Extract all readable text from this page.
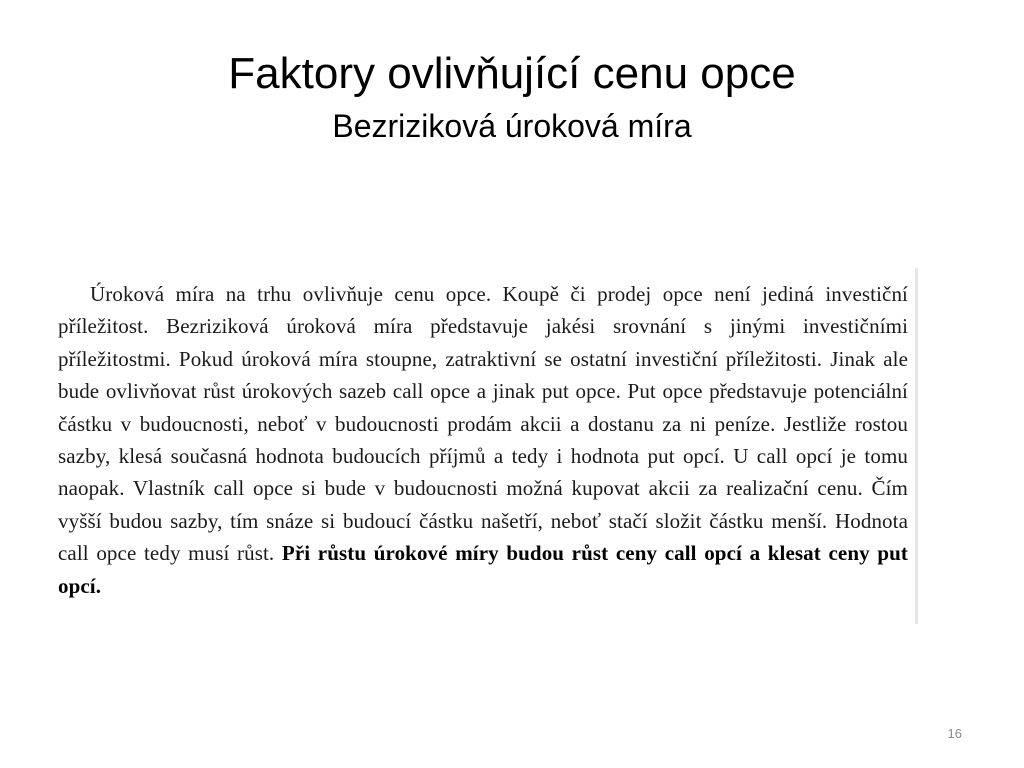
Faktory ovlivňující cenu opce
Bezriziková úroková míra

Úroková míra na trhu ovlivňuje cenu opce. Koupě či prodej opce není jediná investiční příležitost. Bezriziková úroková míra představuje jakési srovnání s jinými investičními příležitostmi. Pokud úroková míra stoupne, zatraktivní se ostatní investiční příležitosti. Jinak ale bude ovlivňovat růst úrokových sazeb call opce a jinak put opce. Put opce představuje potenciální částku v budoucnosti, neboť v budoucnosti prodám akcii a dostanu za ni peníze. Jestliže rostou sazby, klesá současná hodnota budoucích příjmů a tedy i hodnota put opcí. U call opcí je tomu naopak. Vlastník call opce si bude v budoucnosti možná kupovat akcii za realizační cenu. Čím vyšší budou sazby, tím snáze si budoucí částku našetří, neboť stačí složit částku menší. Hodnota call opce tedy musí růst. Při růstu úrokové míry budou růst ceny call opcí a klesat ceny put opcí.

16
